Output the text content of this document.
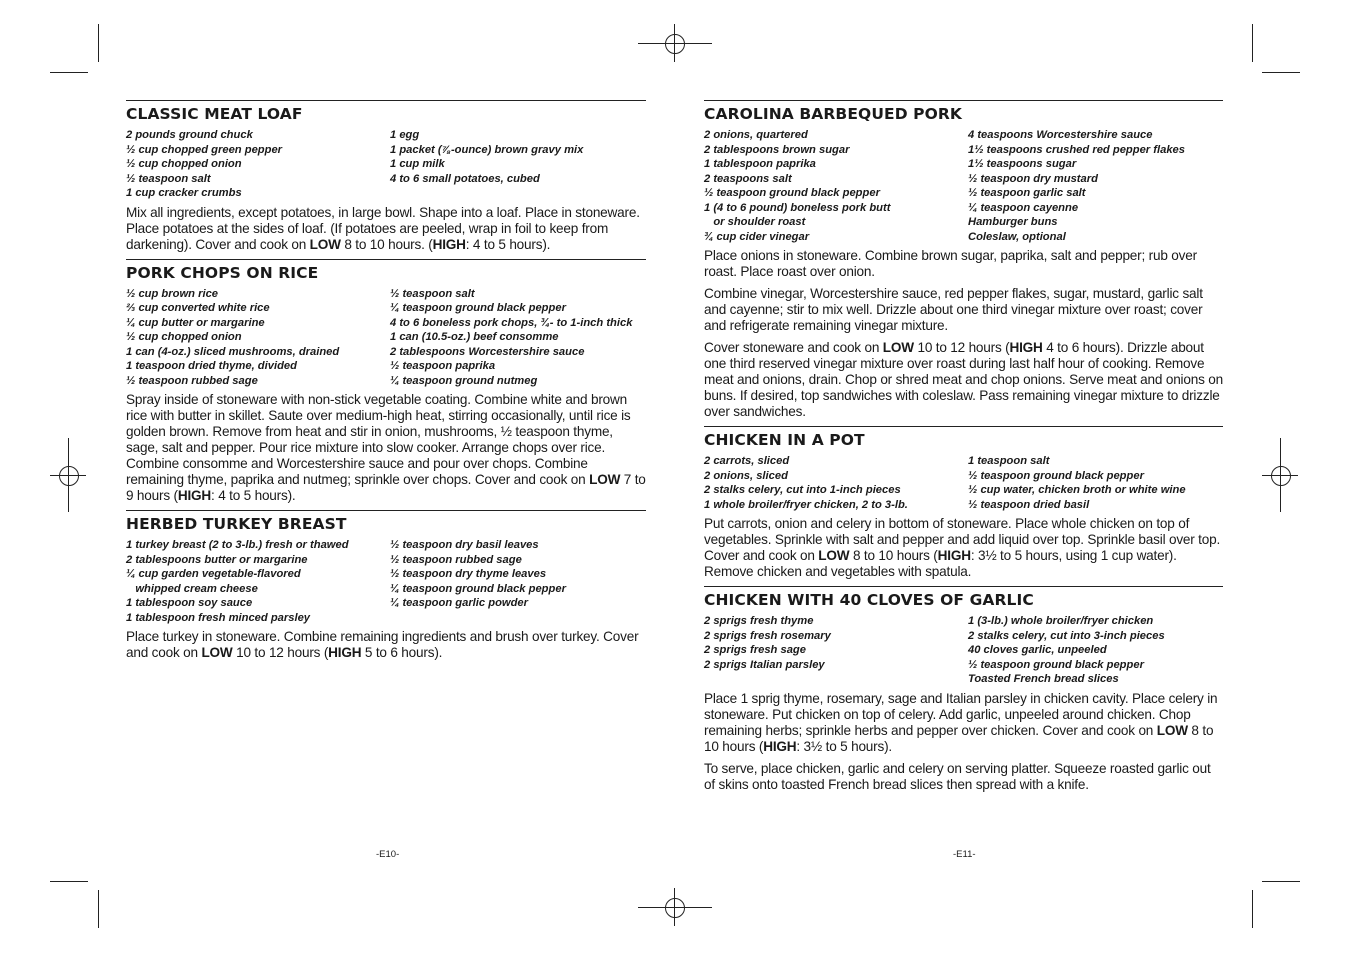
CLASSIC MEAT LOAF
2 pounds ground chuck
½ cup chopped green pepper
½ cup chopped onion
½ teaspoon salt
1 cup cracker crumbs
1 egg
1 packet (⅞-ounce) brown gravy mix
1 cup milk
4 to 6 small potatoes, cubed

Mix all ingredients, except potatoes, in large bowl. Shape into a loaf. Place in stoneware. Place potatoes at the sides of loaf. (If potatoes are peeled, wrap in foil to keep from darkening). Cover and cook on LOW 8 to 10 hours. (HIGH: 4 to 5 hours).

PORK CHOPS ON RICE
½ cup brown rice
⅔ cup converted white rice
¼ cup butter or margarine
½ cup chopped onion
1 can (4-oz.) sliced mushrooms, drained
1 teaspoon dried thyme, divided
½ teaspoon rubbed sage
½ teaspoon salt
¼ teaspoon ground black pepper
4 to 6 boneless pork chops, ¾- to 1-inch thick
1 can (10.5-oz.) beef consomme
2 tablespoons Worcestershire sauce
½ teaspoon paprika
¼ teaspoon ground nutmeg

Spray inside of stoneware with non-stick vegetable coating. Combine white and brown rice with butter in skillet. Saute over medium-high heat, stirring occasionally, until rice is golden brown. Remove from heat and stir in onion, mushrooms, ½ teaspoon thyme, sage, salt and pepper. Pour rice mixture into slow cooker. Arrange chops over rice. Combine consomme and Worcestershire sauce and pour over chops. Combine remaining thyme, paprika and nutmeg; sprinkle over chops. Cover and cook on LOW 7 to 9 hours (HIGH: 4 to 5 hours).

HERBED TURKEY BREAST
1 turkey breast (2 to 3-lb.) fresh or thawed
2 tablespoons butter or margarine
¼ cup garden vegetable-flavored
whipped cream cheese
1 tablespoon soy sauce
1 tablespoon fresh minced parsley
½ teaspoon dry basil leaves
½ teaspoon rubbed sage
½ teaspoon dry thyme leaves
¼ teaspoon ground black pepper
¼ teaspoon garlic powder

Place turkey in stoneware. Combine remaining ingredients and brush over turkey. Cover and cook on LOW 10 to 12 hours (HIGH 5 to 6 hours).

CAROLINA BARBEQUED PORK
2 onions, quartered
2 tablespoons brown sugar
1 tablespoon paprika
2 teaspoons salt
½ teaspoon ground black pepper
1 (4 to 6 pound) boneless pork butt
or shoulder roast
¾ cup cider vinegar
4 teaspoons Worcestershire sauce
1½ teaspoons crushed red pepper flakes
1½ teaspoons sugar
½ teaspoon dry mustard
½ teaspoon garlic salt
¼ teaspoon cayenne
Hamburger buns
Coleslaw, optional

Place onions in stoneware. Combine brown sugar, paprika, salt and pepper; rub over roast. Place roast over onion.

Combine vinegar, Worcestershire sauce, red pepper flakes, sugar, mustard, garlic salt and cayenne; stir to mix well. Drizzle about one third vinegar mixture over roast; cover and refrigerate remaining vinegar mixture.

Cover stoneware and cook on LOW 10 to 12 hours (HIGH 4 to 6 hours). Drizzle about one third reserved vinegar mixture over roast during last half hour of cooking. Remove meat and onions, drain. Chop or shred meat and chop onions. Serve meat and onions on buns. If desired, top sandwiches with coleslaw. Pass remaining vinegar mixture to drizzle over sandwiches.

CHICKEN IN A POT
2 carrots, sliced
2 onions, sliced
2 stalks celery, cut into 1-inch pieces
1 whole broiler/fryer chicken, 2 to 3-lb.
1 teaspoon salt
½ teaspoon ground black pepper
½ cup water, chicken broth or white wine
½ teaspoon dried basil

Put carrots, onion and celery in bottom of stoneware. Place whole chicken on top of vegetables. Sprinkle with salt and pepper and add liquid over top. Sprinkle basil over top. Cover and cook on LOW 8 to 10 hours (HIGH: 3½ to 5 hours, using 1 cup water). Remove chicken and vegetables with spatula.

CHICKEN WITH 40 CLOVES OF GARLIC
2 sprigs fresh thyme
2 sprigs fresh rosemary
2 sprigs fresh sage
2 sprigs Italian parsley
1 (3-lb.) whole broiler/fryer chicken
2 stalks celery, cut into 3-inch pieces
40 cloves garlic, unpeeled
½ teaspoon ground black pepper
Toasted French bread slices

Place 1 sprig thyme, rosemary, sage and Italian parsley in chicken cavity. Place celery in stoneware. Put chicken on top of celery. Add garlic, unpeeled around chicken. Chop remaining herbs; sprinkle herbs and pepper over chicken. Cover and cook on LOW 8 to 10 hours (HIGH: 3½ to 5 hours).

To serve, place chicken, garlic and celery on serving platter. Squeeze roasted garlic out of skins onto toasted French bread slices then spread with a knife.

-E10-	-E11-
